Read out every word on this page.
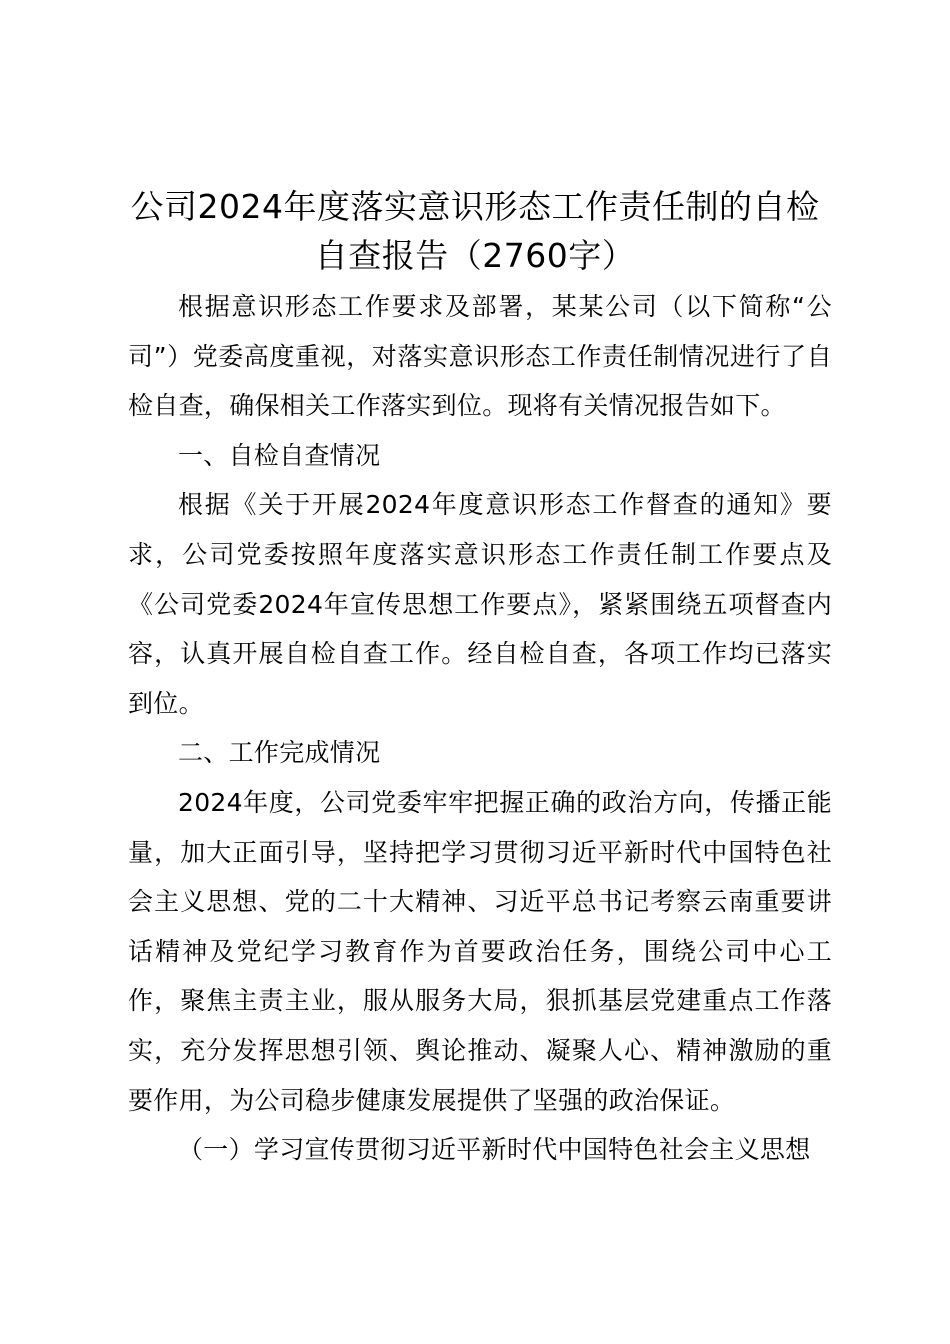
公司2024年度落实意识形态工作责任制的自检自查报告（2760字）

根据意识形态工作要求及部署，某某公司（以下简称“公司”）党委高度重视，对落实意识形态工作责任制情况进行了自检自查，确保相关工作落实到位。现将有关情况报告如下。

一、自检自查情况

根据《关于开展2024年度意识形态工作督查的通知》要求，公司党委按照年度落实意识形态工作责任制工作要点及《公司党委2024年宣传思想工作要点》，紧紧围绕五项督查内容，认真开展自检自查工作。经自检自查，各项工作均已落实到位。

二、工作完成情况

2024年度，公司党委牢牢把握正确的政治方向，传播正能量，加大正面引导，坚持把学习贯彻习近平新时代中国特色社会主义思想、党的二十大精神、习近平总书记考察云南重要讲话精神及党纪学习教育作为首要政治任务，围绕公司中心工作，聚焦主责主业，服从服务大局，狠抓基层党建重点工作落实，充分发挥思想引领、舆论推动、凝聚人心、精神激励的重要作用，为公司稳步健康发展提供了坚强的政治保证。

（一）学习宣传贯彻习近平新时代中国特色社会主义思想
